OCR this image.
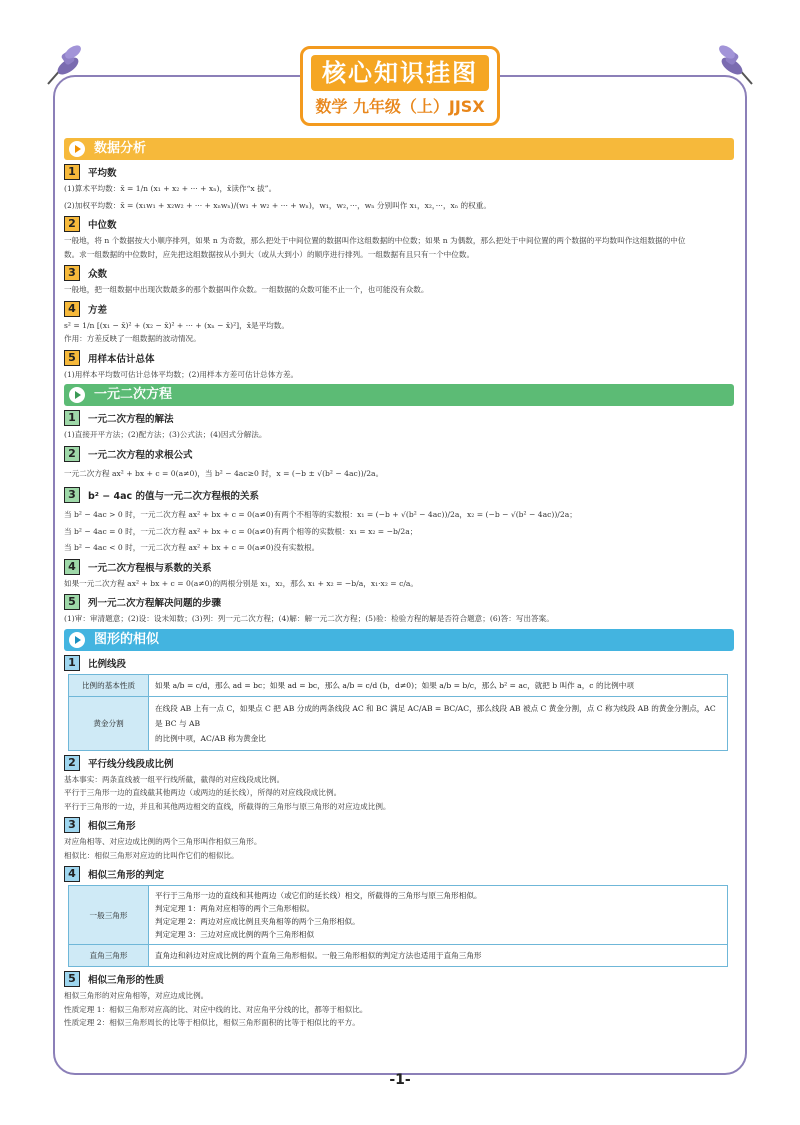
核心知识挂图
数学 九年级（上）JJSX
数据分析
1	平均数
(1)算术平均数：x̄ = 1/n (x₁ + x₂ + ··· + xₙ)，x̄读作“x 拔”。
(2)加权平均数：x̄ = (x₁w₁ + x₂w₂ + ··· + xₙwₙ)/(w₁ + w₂ + ··· + wₙ)，w₁，w₂，···，wₙ 分别叫作 x₁，x₂，···，xₙ 的权重。
2	中位数
一般地，将 n 个数据按大小顺序排列，如果 n 为奇数，那么把处于中间位置的数据叫作这组数据的中位数；如果 n 为偶数，那么把处于中间位置的两个数据的平均数叫作这组数据的中位
数。求一组数据的中位数时，应先把这组数据按从小到大（或从大到小）的顺序进行排列。一组数据有且只有一个中位数。
3	众数
一般地，把一组数据中出现次数最多的那个数据叫作众数。一组数据的众数可能不止一个，也可能没有众数。
4	方差
s² = 1/n [(x₁ − x̄)² + (x₂ − x̄)² + ··· + (xₙ − x̄)²]，x̄是平均数。
作用：方差反映了一组数据的波动情况。
5	用样本估计总体
(1)用样本平均数可估计总体平均数；(2)用样本方差可估计总体方差。
一元二次方程
1	一元二次方程的解法
(1)直接开平方法；(2)配方法；(3)公式法；(4)因式分解法。
2	一元二次方程的求根公式
一元二次方程 ax² + bx + c = 0(a≠0)，当 b² − 4ac≥0 时，x = (−b ± √(b² − 4ac))/2a。
3	b² − 4ac 的值与一元二次方程根的关系
当 b² − 4ac > 0 时，一元二次方程 ax² + bx + c = 0(a≠0)有两个不相等的实数根：x₁ = (−b + √(b² − 4ac))/2a，x₂ = (−b − √(b² − 4ac))/2a；
当 b² − 4ac = 0 时，一元二次方程 ax² + bx + c = 0(a≠0)有两个相等的实数根：x₁ = x₂ = −b/2a；
当 b² − 4ac < 0 时，一元二次方程 ax² + bx + c = 0(a≠0)没有实数根。
4	一元二次方程根与系数的关系
如果一元二次方程 ax² + bx + c = 0(a≠0)的两根分别是 x₁，x₂，那么 x₁ + x₂ = −b/a，x₁·x₂ = c/a。
5	列一元二次方程解决问题的步骤
(1)审：审清题意；(2)设：设未知数；(3)列：列一元二次方程；(4)解：解一元二次方程；(5)验：检验方程的解是否符合题意；(6)答：写出答案。
图形的相似
1	比例线段
比例的基本性质	如果 a/b = c/d，那么 ad = bc；如果 ad = bc，那么 a/b = c/d (b，d≠0)；如果 a/b = b/c，那么 b² = ac，就把 b 叫作 a，c 的比例中项
黄金分割	在线段 AB 上有一点 C，如果点 C 把 AB 分成的两条线段 AC 和 BC 满足 AC/AB = BC/AC，那么线段 AB 被点 C 黄金分割，点 C 称为线段 AB 的黄金分割点，AC 是 BC 与 AB
的比例中项，AC/AB 称为黄金比
2	平行线分线段成比例
基本事实：两条直线被一组平行线所截，截得的对应线段成比例。
平行于三角形一边的直线截其他两边（或两边的延长线），所得的对应线段成比例。
平行于三角形的一边，并且和其他两边相交的直线，所截得的三角形与原三角形的对应边成比例。
3	相似三角形
对应角相等、对应边成比例的两个三角形叫作相似三角形。
相似比：相似三角形对应边的比叫作它们的相似比。
4	相似三角形的判定
一般三角形	平行于三角形一边的直线和其他两边（或它们的延长线）相交，所截得的三角形与原三角形相似。
判定定理 1：两角对应相等的两个三角形相似。
判定定理 2：两边对应成比例且夹角相等的两个三角形相似。
判定定理 3：三边对应成比例的两个三角形相似

直角三角形	直角边和斜边对应成比例的两个直角三角形相似。一般三角形相似的判定方法也适用于直角三角形
5	相似三角形的性质
相似三角形的对应角相等，对应边成比例。
性质定理 1：相似三角形对应高的比、对应中线的比、对应角平分线的比，都等于相似比。
性质定理 2：相似三角形周长的比等于相似比，相似三角形面积的比等于相似比的平方。
-1-
